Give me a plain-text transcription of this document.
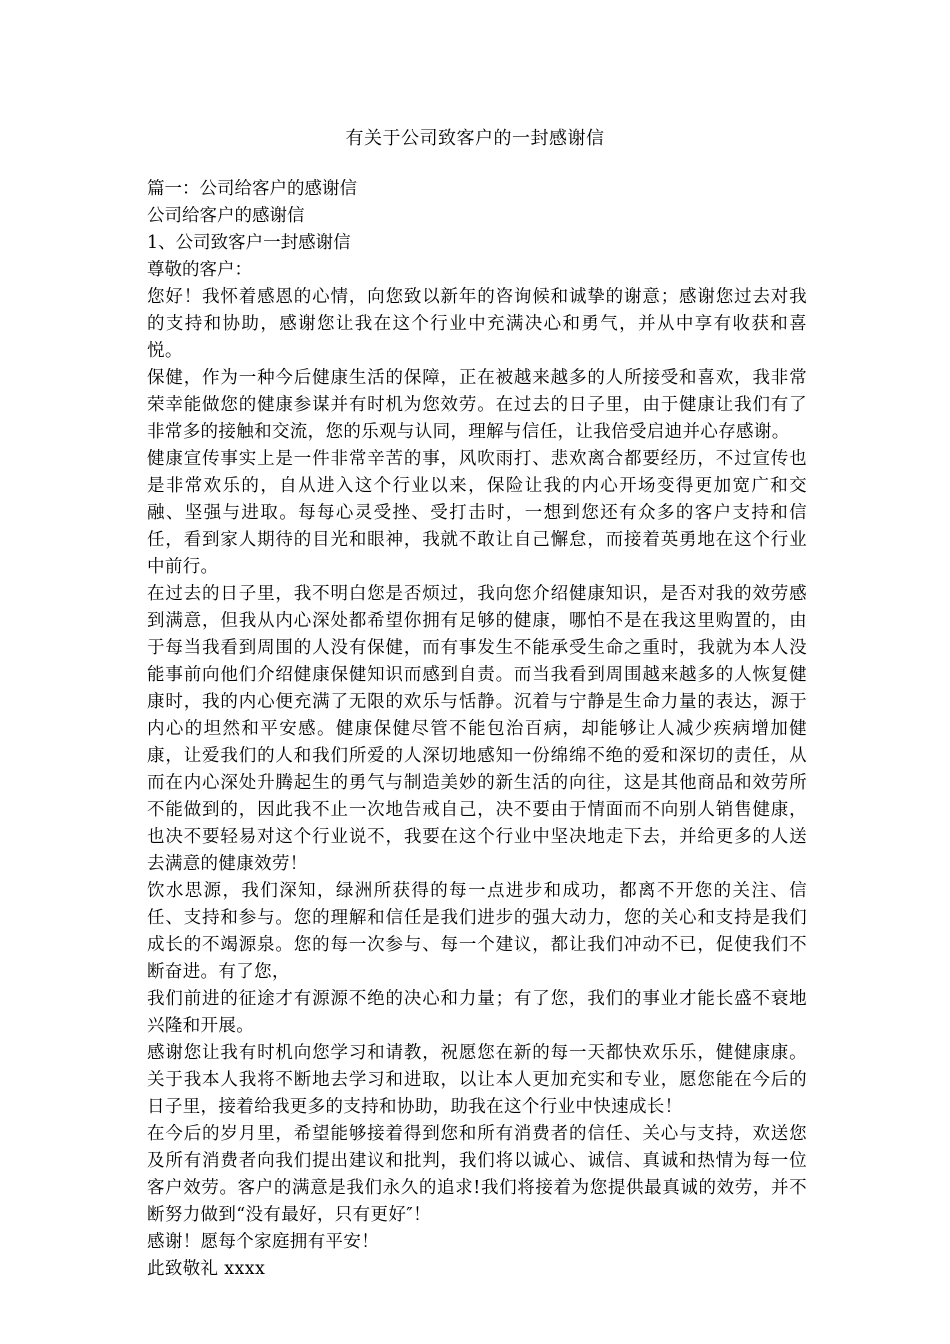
有关于公司致客户的一封感谢信
篇一：公司给客户的感谢信
公司给客户的感谢信
1、公司致客户一封感谢信
尊敬的客户：
您好！我怀着感恩的心情，向您致以新年的咨询候和诚挚的谢意；感谢您过去对我的支持和协助，感谢您让我在这个行业中充满决心和勇气，并从中享有收获和喜悦。
保健，作为一种今后健康生活的保障，正在被越来越多的人所接受和喜欢，我非常荣幸能做您的健康参谋并有时机为您效劳。在过去的日子里，由于健康让我们有了非常多的接触和交流，您的乐观与认同，理解与信任，让我倍受启迪并心存感谢。
健康宣传事实上是一件非常辛苦的事，风吹雨打、悲欢离合都要经历，不过宣传也是非常欢乐的，自从进入这个行业以来，保险让我的内心开场变得更加宽广和交融、坚强与进取。每每心灵受挫、受打击时，一想到您还有众多的客户支持和信任，看到家人期待的目光和眼神，我就不敢让自己懈怠，而接着英勇地在这个行业中前行。
在过去的日子里，我不明白您是否烦过，我向您介绍健康知识，是否对我的效劳感到满意，但我从内心深处都希望你拥有足够的健康，哪怕不是在我这里购置的，由于每当我看到周围的人没有保健，而有事发生不能承受生命之重时，我就为本人没能事前向他们介绍健康保健知识而感到自责。而当我看到周围越来越多的人恢复健康时，我的内心便充满了无限的欢乐与恬静。沉着与宁静是生命力量的表达，源于内心的坦然和平安感。健康保健尽管不能包治百病，却能够让人减少疾病增加健康，让爱我们的人和我们所爱的人深切地感知一份绵绵不绝的爱和深切的责任，从而在内心深处升腾起生的勇气与制造美妙的新生活的向往，这是其他商品和效劳所不能做到的，因此我不止一次地告戒自己，决不要由于情面而不向别人销售健康，也决不要轻易对这个行业说不，我要在这个行业中坚决地走下去，并给更多的人送去满意的健康效劳！
饮水思源，我们深知，绿洲所获得的每一点进步和成功，都离不开您的关注、信任、支持和参与。您的理解和信任是我们进步的强大动力，您的关心和支持是我们成长的不竭源泉。您的每一次参与、每一个建议，都让我们冲动不已，促使我们不断奋进。有了您，
我们前进的征途才有源源不绝的决心和力量；有了您，我们的事业才能长盛不衰地兴隆和开展。
感谢您让我有时机向您学习和请教，祝愿您在新的每一天都快欢乐乐，健健康康。关于我本人我将不断地去学习和进取，以让本人更加充实和专业，愿您能在今后的日子里，接着给我更多的支持和协助，助我在这个行业中快速成长！
在今后的岁月里，希望能够接着得到您和所有消费者的信任、关心与支持，欢送您及所有消费者向我们提出建议和批判，我们将以诚心、诚信、真诚和热情为每一位客户效劳。客户的满意是我们永久的追求!我们将接着为您提供最真诚的效劳，并不断努力做到“没有最好，只有更好″！
感谢！愿每个家庭拥有平安！
此致敬礼 xxxx
